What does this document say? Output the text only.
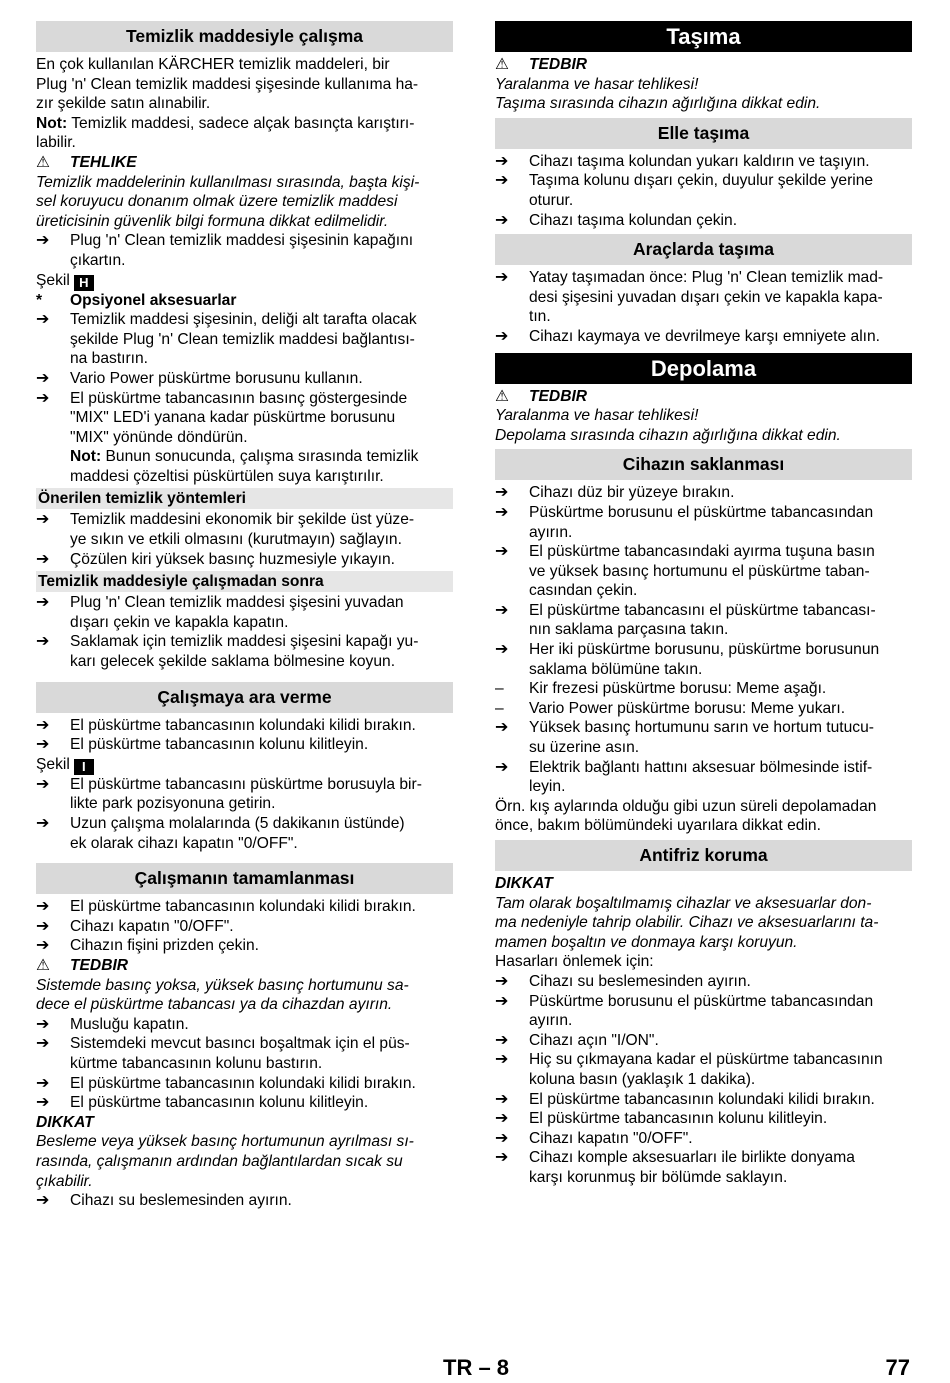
Temizlik maddesiyle çalışma
En çok kullanılan KÄRCHER temizlik maddeleri, bir
Plug 'n' Clean temizlik maddesi şişesinde kullanıma ha-
zır şekilde satın alınabilir.
Not: Temizlik maddesi, sadece alçak basınçta karıştırı-
labilir.
⚠ TEHLIKE
Temizlik maddelerinin kullanılması sırasında, başta kişi-
sel koruyucu donanım olmak üzere temizlik maddesi
üreticisinin güvenlik bilgi formuna dikkat edilmelidir.
➔	Plug 'n' Clean temizlik maddesi şişesinin kapağını
çıkartın.
Şekil H
*	Opsiyonel aksesuarlar
➔	Temizlik maddesi şişesinin, deliği alt tarafta olacak
şekilde Plug 'n' Clean temizlik maddesi bağlantısı-
na bastırın.
➔	Vario Power püskürtme borusunu kullanın.
➔	El püskürtme tabancasının basınç göstergesinde
"MIX" LED'i yanana kadar püskürtme borusunu
"MIX" yönünde döndürün.
Not: Bunun sonucunda, çalışma sırasında temizlik
maddesi çözeltisi püskürtülen suya karıştırılır.
Önerilen temizlik yöntemleri
➔	Temizlik maddesini ekonomik bir şekilde üst yüze-
ye sıkın ve etkili olmasını (kurutmayın) sağlayın.
➔	Çözülen kiri yüksek basınç huzmesiyle yıkayın.
Temizlik maddesiyle çalışmadan sonra
➔	Plug 'n' Clean temizlik maddesi şişesini yuvadan
dışarı çekin ve kapakla kapatın.
➔	Saklamak için temizlik maddesi şişesini kapağı yu-
karı gelecek şekilde saklama bölmesine koyun.
Çalışmaya ara verme
➔	El püskürtme tabancasının kolundaki kilidi bırakın.
➔	El püskürtme tabancasının kolunu kilitleyin.
Şekil I
➔	El püskürtme tabancasını püskürtme borusuyla bir-
likte park pozisyonuna getirin.
➔	Uzun çalışma molalarında (5 dakikanın üstünde)
ek olarak cihazı kapatın "0/OFF".
Çalışmanın tamamlanması
➔	El püskürtme tabancasının kolundaki kilidi bırakın.
➔	Cihazı kapatın "0/OFF".
➔	Cihazın fişini prizden çekin.
⚠ TEDBIR
Sistemde basınç yoksa, yüksek basınç hortumunu sa-
dece el püskürtme tabancası ya da cihazdan ayırın.
➔	Musluğu kapatın.
➔	Sistemdeki mevcut basıncı boşaltmak için el püs-
kürtme tabancasının kolunu bastırın.
➔	El püskürtme tabancasının kolundaki kilidi bırakın.
➔	El püskürtme tabancasının kolunu kilitleyin.
DIKKAT
Besleme veya yüksek basınç hortumunun ayrılması sı-
rasında, çalışmanın ardından bağlantılardan sıcak su
çıkabilir.
➔	Cihazı su beslemesinden ayırın.
Taşıma
⚠ TEDBIR
Yaralanma ve hasar tehlikesi!
Taşıma sırasında cihazın ağırlığına dikkat edin.
Elle taşıma
➔	Cihazı taşıma kolundan yukarı kaldırın ve taşıyın.
➔	Taşıma kolunu dışarı çekin, duyulur şekilde yerine
oturur.
➔	Cihazı taşıma kolundan çekin.
Araçlarda taşıma
➔	Yatay taşımadan önce: Plug 'n' Clean temizlik mad-
desi şişesini yuvadan dışarı çekin ve kapakla kapa-
tın.
➔	Cihazı kaymaya ve devrilmeye karşı emniyete alın.
Depolama
⚠ TEDBIR
Yaralanma ve hasar tehlikesi!
Depolama sırasında cihazın ağırlığına dikkat edin.
Cihazın saklanması
➔	Cihazı düz bir yüzeye bırakın.
➔	Püskürtme borusunu el püskürtme tabancasından
ayırın.
➔	El püskürtme tabancasındaki ayırma tuşuna basın
ve yüksek basınç hortumunu el püskürtme taban-
casından çekin.
➔	El püskürtme tabancasını el püskürtme tabancası-
nın saklama parçasına takın.
➔	Her iki püskürtme borusunu, püskürtme borusunun
saklama bölümüne takın.
–	Kir frezesi püskürtme borusu: Meme aşağı.
–	Vario Power püskürtme borusu: Meme yukarı.
➔	Yüksek basınç hortumunu sarın ve hortum tutucu-
su üzerine asın.
➔	Elektrik bağlantı hattını aksesuar bölmesinde istif-
leyin.
Örn. kış aylarında olduğu gibi uzun süreli depolamadan
önce, bakım bölümündeki uyarılara dikkat edin.
Antifriz koruma
DIKKAT
Tam olarak boşaltılmamış cihazlar ve aksesuarlar don-
ma nedeniyle tahrip olabilir. Cihazı ve aksesuarlarını ta-
mamen boşaltın ve donmaya karşı koruyun.
Hasarları önlemek için:
➔	Cihazı su beslemesinden ayırın.
➔	Püskürtme borusunu el püskürtme tabancasından
ayırın.
➔	Cihazı açın "I/ON".
➔	Hiç su çıkmayana kadar el püskürtme tabancasının
koluna basın (yaklaşık 1 dakika).
➔	El püskürtme tabancasının kolundaki kilidi bırakın.
➔	El püskürtme tabancasının kolunu kilitleyin.
➔	Cihazı kapatın "0/OFF".
➔	Cihazı komple aksesuarları ile birlikte donyama
karşı korunmuş bir bölümde saklayın.
TR – 8	77
